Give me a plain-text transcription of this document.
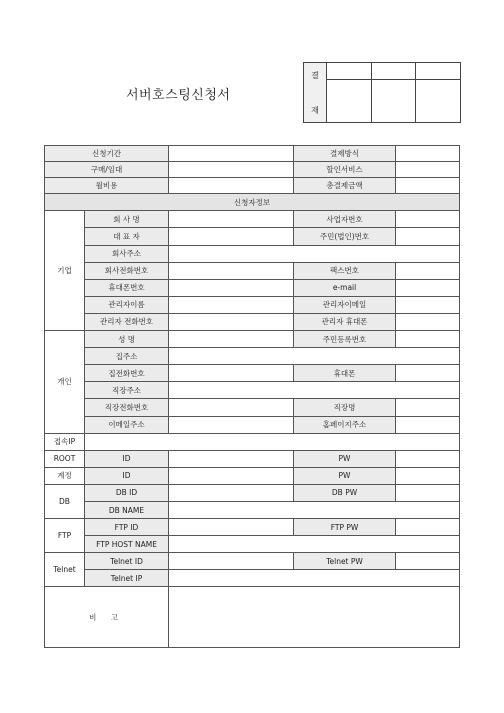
서버호스팅신청서
결
재			

신청기간			결제방식	
구매/임대			할인서비스	
월비용			총결제금액	
신청자정보				
기업	회 사 명		사업자번호	
	대 표 자		주민(법인)번호	
	회사주소			
	회사전화번호		팩스번호	
	휴대폰번호		e-mail	
	관리자이름		관리자이메일	
	관리자 전화번호		관리자 휴대폰	
개인	성 명		주민등록번호	
	집주소			
	집전화번호		휴대폰	
	직장주소			
	직장전화번호		직장명	
	이메일주소		홈페이지주소	
접속IP				
ROOT	ID		PW	
계정	ID		PW	
DB	DB ID		DB PW	
	DB NAME			
FTP	FTP ID		FTP PW	
	FTP HOST NAME			
Telnet	Telnet ID		Telnet PW	
	Telnet IP			
비 고				
